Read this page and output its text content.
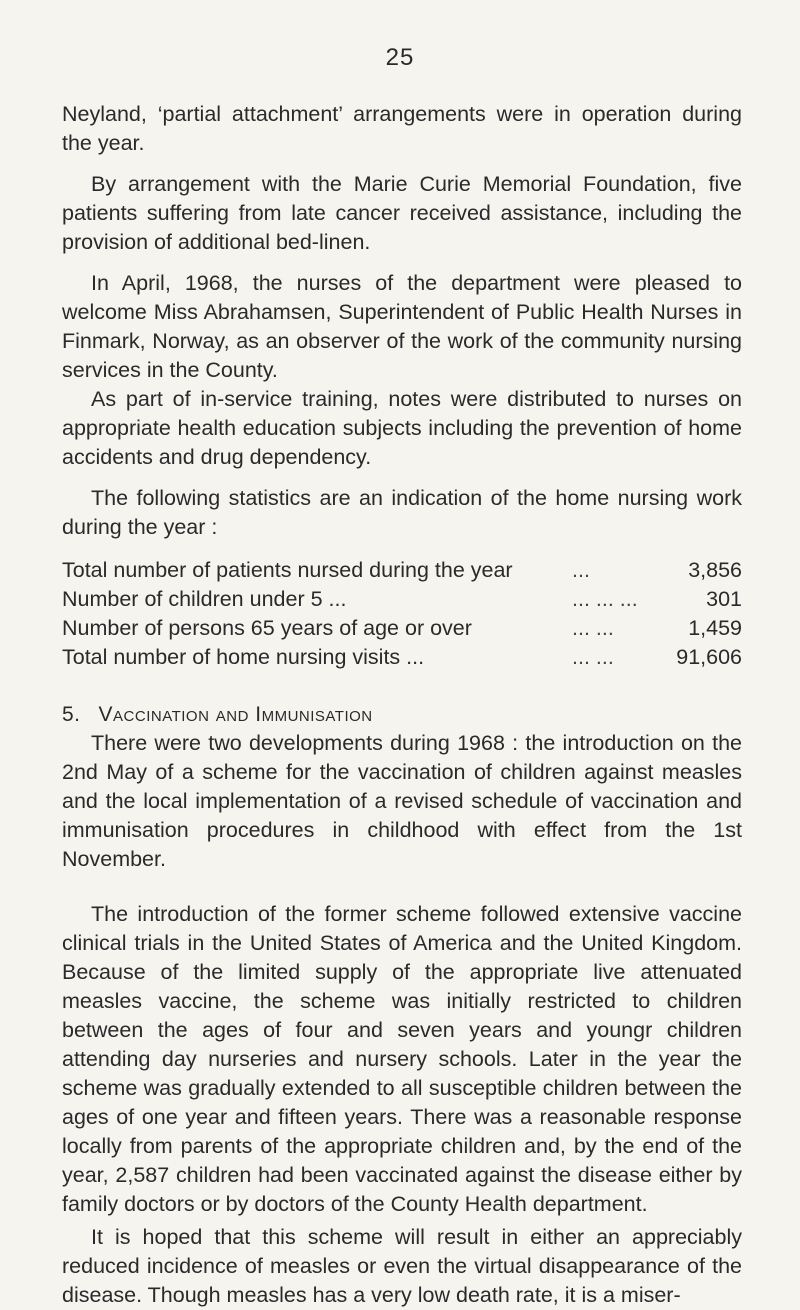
25

Neyland, ‘partial attachment’ arrangements were in operation during the year.

By arrangement with the Marie Curie Memorial Foundation, five patients suffering from late cancer received assistance, including the provision of additional bed-linen.

In April, 1968, the nurses of the department were pleased to welcome Miss Abrahamsen, Superintendent of Public Health Nurses in Finmark, Norway, as an observer of the work of the community nursing services in the County.

As part of in-service training, notes were distributed to nurses on appropriate health education subjects including the prevention of home accidents and drug dependency.

The following statistics are an indication of the home nursing work during the year :

Total number of patients nursed during the year	...	3,856
Number of children under 5 ...	... ... ...	301
Number of persons 65 years of age or over	... ...	1,459
Total number of home nursing visits ...	... ...	91,606
5. Vaccination and Immunisation

There were two developments during 1968 : the introduction on the 2nd May of a scheme for the vaccination of children against measles and the local implementation of a revised schedule of vaccination and immunisation procedures in childhood with effect from the 1st November.

The introduction of the former scheme followed extensive vaccine clinical trials in the United States of America and the United Kingdom. Because of the limited supply of the appropriate live attenuated measles vaccine, the scheme was initially restricted to children between the ages of four and seven years and youngr children attending day nurseries and nursery schools. Later in the year the scheme was gradually extended to all susceptible children between the ages of one year and fifteen years. There was a reasonable response locally from parents of the appropriate children and, by the end of the year, 2,587 children had been vaccinated against the disease either by family doctors or by doctors of the County Health department.

It is hoped that this scheme will result in either an appreciably reduced incidence of measles or even the virtual disappearance of the disease. Though measles has a very low death rate, it is a miser-
